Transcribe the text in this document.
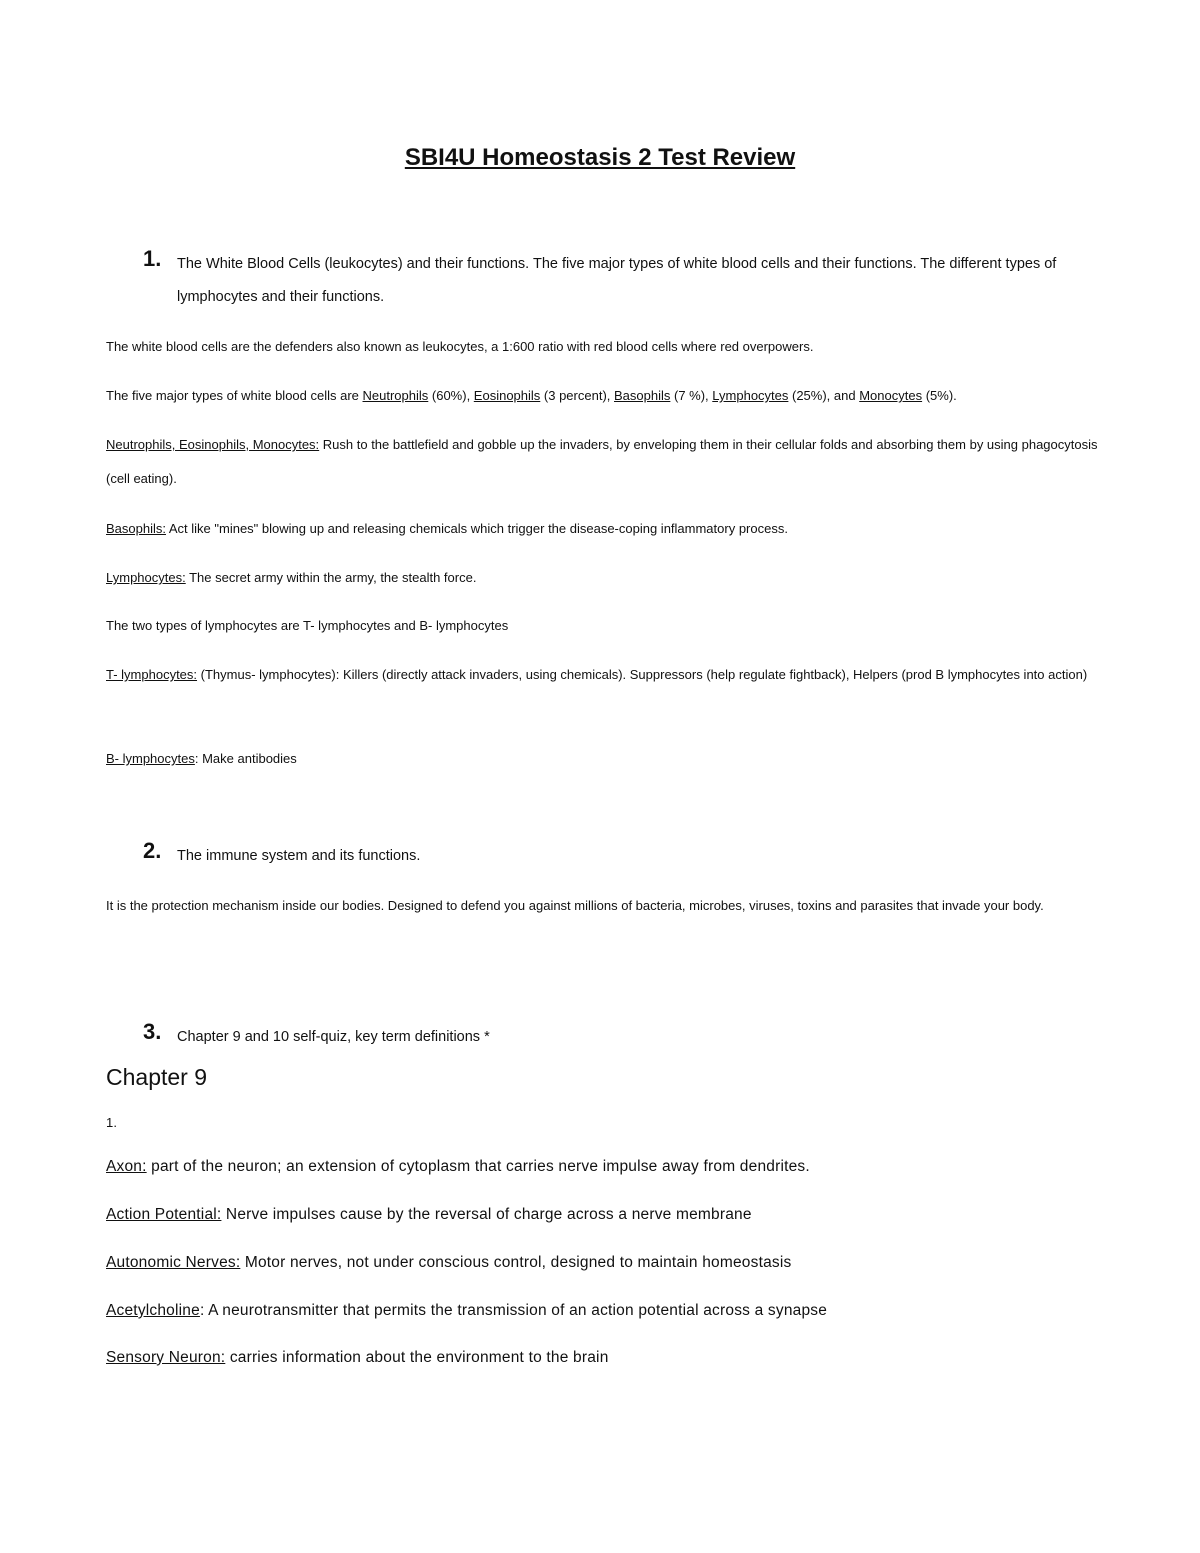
SBI4U Homeostasis 2 Test Review
1. The White Blood Cells (leukocytes) and their functions. The five major types of white blood cells and their functions. The different types of lymphocytes and their functions.
The white blood cells are the defenders also known as leukocytes, a 1:600 ratio with red blood cells where red overpowers.
The five major types of white blood cells are Neutrophils (60%), Eosinophils (3 percent), Basophils (7 %), Lymphocytes (25%), and Monocytes (5%).
Neutrophils, Eosinophils, Monocytes: Rush to the battlefield and gobble up the invaders, by enveloping them in their cellular folds and absorbing them by using phagocytosis (cell eating).
Basophils: Act like "mines" blowing up and releasing chemicals which trigger the disease-coping inflammatory process.
Lymphocytes: The secret army within the army, the stealth force.
The two types of lymphocytes are T- lymphocytes and B- lymphocytes
T- lymphocytes: (Thymus- lymphocytes): Killers (directly attack invaders, using chemicals). Suppressors (help regulate fightback), Helpers (prod B lymphocytes into action)
B- lymphocytes: Make antibodies
2. The immune system and its functions.
It is the protection mechanism inside our bodies. Designed to defend you against millions of bacteria, microbes, viruses, toxins and parasites that invade your body.
3. Chapter 9 and 10 self-quiz, key term definitions *
Chapter 9
1.
Axon: part of the neuron; an extension of cytoplasm that carries nerve impulse away from dendrites.
Action Potential: Nerve impulses cause by the reversal of charge across a nerve membrane
Autonomic Nerves: Motor nerves, not under conscious control, designed to maintain homeostasis
Acetylcholine: A neurotransmitter that permits the transmission of an action potential across a synapse
Sensory Neuron: carries information about the environment to the brain
